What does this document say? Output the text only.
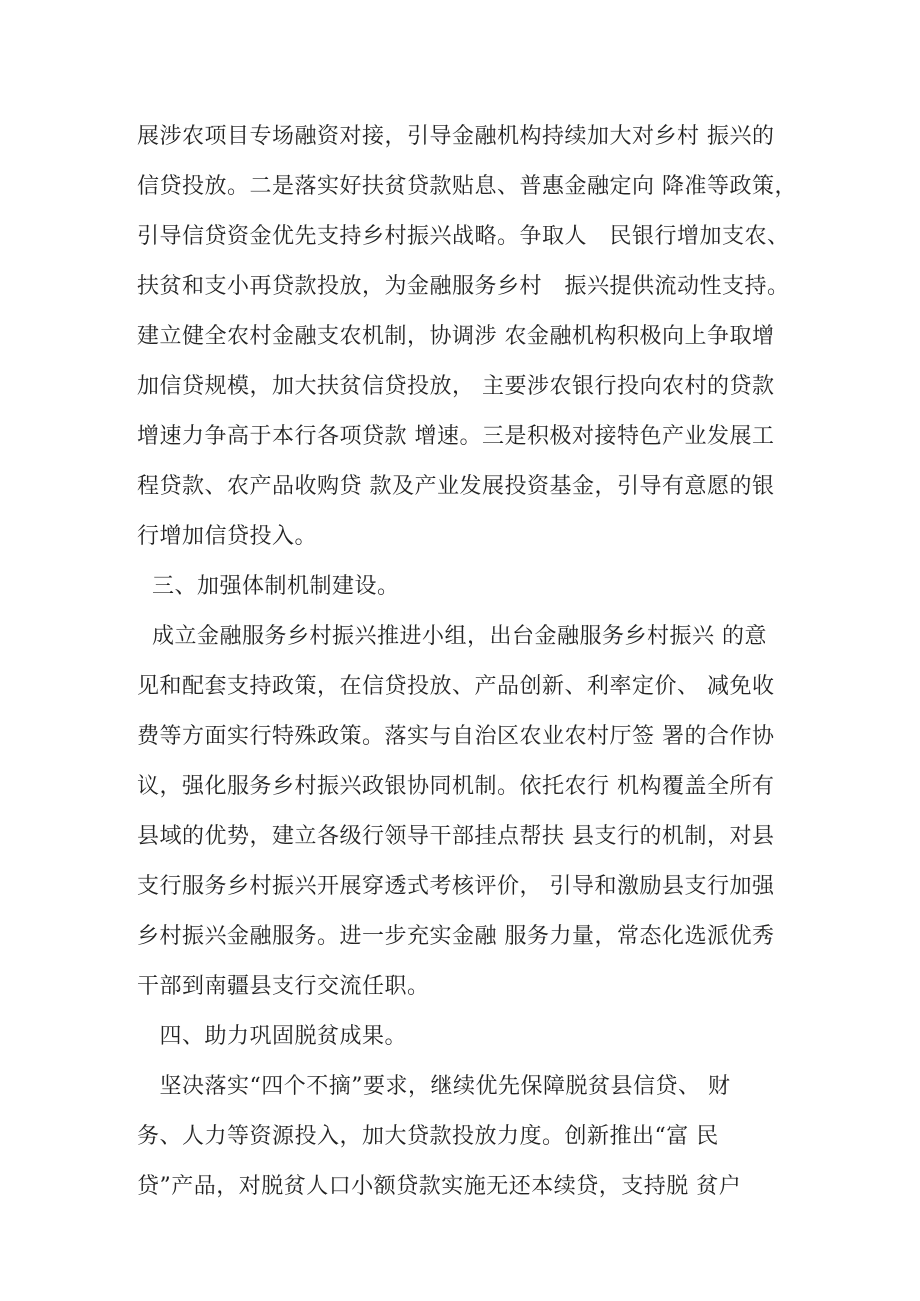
展涉农项目专场融资对接，引导金融机构持续加大对乡村 振兴的
信贷投放。二是落实好扶贫贷款贴息、普惠金融定向 降准等政策，
引导信贷资金优先支持乡村振兴战略。争取人   民银行增加支农、
扶贫和支小再贷款投放，为金融服务乡村   振兴提供流动性支持。
建立健全农村金融支农机制，协调涉 农金融机构积极向上争取增
加信贷规模，加大扶贫信贷投放， 主要涉农银行投向农村的贷款
增速力争高于本行各项贷款 增速。三是积极对接特色产业发展工
程贷款、农产品收购贷 款及产业发展投资基金，引导有意愿的银
行增加信贷投入。
三、加强体制机制建设。
成立金融服务乡村振兴推进小组，出台金融服务乡村振兴 的意
见和配套支持政策，在信贷投放、产品创新、利率定价、 减免收
费等方面实行特殊政策。落实与自治区农业农村厅签 署的合作协
议，强化服务乡村振兴政银协同机制。依托农行 机构覆盖全所有
县域的优势，建立各级行领导干部挂点帮扶 县支行的机制，对县
支行服务乡村振兴开展穿透式考核评价， 引导和激励县支行加强
乡村振兴金融服务。进一步充实金融 服务力量，常态化选派优秀
干部到南疆县支行交流任职。
四、助力巩固脱贫成果。
坚决落实“四个不摘”要求，继续优先保障脱贫县信贷、 财
务、人力等资源投入，加大贷款投放力度。创新推出“富 民
贷”产品，对脱贫人口小额贷款实施无还本续贷，支持脱 贫户
